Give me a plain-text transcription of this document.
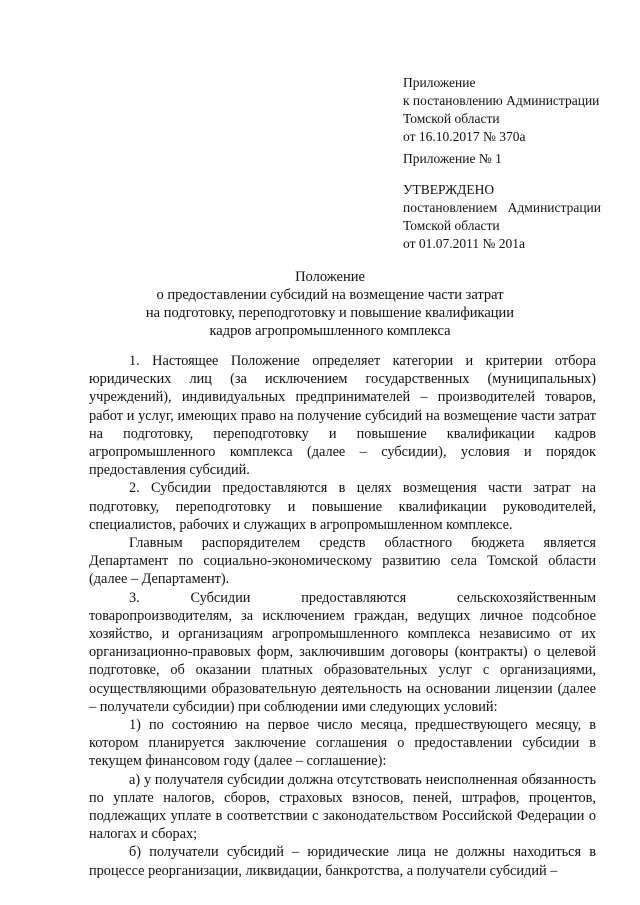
Приложение
к постановлению Администрации
Томской области
от 16.10.2017 № 370а
Приложение № 1
УТВЕРЖДЕНО
постановлением Администрации
Томской области
от 01.07.2011 № 201а
Положение
о предоставлении субсидий на возмещение части затрат
на подготовку, переподготовку и повышение квалификации
кадров агропромышленного комплекса

1. Настоящее Положение определяет категории и критерии отбора юридических лиц (за исключением государственных (муниципальных) учреждений), индивидуальных предпринимателей – производителей товаров, работ и услуг, имеющих право на получение субсидий на возмещение части затрат на подготовку, переподготовку и повышение квалификации кадров агропромышленного комплекса (далее – субсидии), условия и порядок предоставления субсидий.

2. Субсидии предоставляются в целях возмещения части затрат на подготовку, переподготовку и повышение квалификации руководителей, специалистов, рабочих и служащих в агропромышленном комплексе.

Главным распорядителем средств областного бюджета является Департамент по социально-экономическому развитию села Томской области (далее – Департамент).

3. Субсидии предоставляются сельскохозяйственным товаропроизводителям, за исключением граждан, ведущих личное подсобное хозяйство, и организациям агропромышленного комплекса независимо от их организационно-правовых форм, заключившим договоры (контракты) о целевой подготовке, об оказании платных образовательных услуг с организациями, осуществляющими образовательную деятельность на основании лицензии (далее – получатели субсидии) при соблюдении ими следующих условий:

1) по состоянию на первое число месяца, предшествующего месяцу, в котором планируется заключение соглашения о предоставлении субсидии в текущем финансовом году (далее – соглашение):

а) у получателя субсидии должна отсутствовать неисполненная обязанность по уплате налогов, сборов, страховых взносов, пеней, штрафов, процентов, подлежащих уплате в соответствии с законодательством Российской Федерации о налогах и сборах;

б) получатели субсидий – юридические лица не должны находиться в процессе реорганизации, ликвидации, банкротства, а получатели субсидий –
